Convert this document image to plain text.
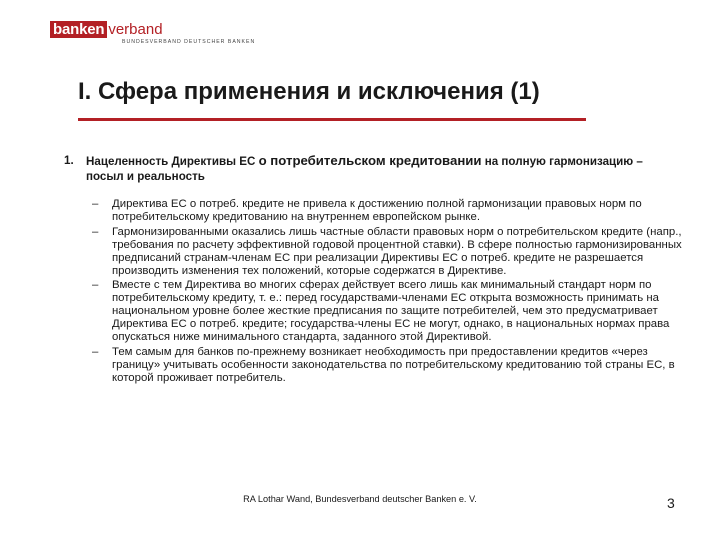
banken verband
BUNDESVERBAND DEUTSCHER BANKEN
I. Сфера применения и исключения (1)
1. Нацеленность Директивы ЕС о потребительском кредитовании на полную гармонизацию – посыл и реальность
– Директива ЕС о потреб. кредите не привела к достижению полной гармонизации правовых норм по потребительскому кредитованию на внутреннем европейском рынке.
– Гармонизированными оказались лишь частные области правовых норм о потребительском кредите (напр., требования по расчету эффективной годовой процентной ставки). В сфере полностью гармонизированных предписаний странам-членам ЕС при реализации Директивы ЕС о потреб. кредите не разрешается производить изменения тех положений, которые содержатся в Директиве.
– Вместе с тем Директива во многих сферах действует всего лишь как минимальный стандарт норм по потребительскому кредиту, т. е.: перед государствами-членами ЕС открыта возможность принимать на национальном уровне более жесткие предписания по защите потребителей, чем это предусматривает Директива ЕС о потреб. кредите; государства-члены ЕС не могут, однако, в национальных нормах права опускаться ниже минимального стандарта, заданного этой Директивой.
– Тем самым для банков по-прежнему возникает необходимость при предоставлении кредитов «через границу» учитывать особенности законодательства по потребительскому кредитованию той страны ЕС, в которой проживает потребитель.
RA Lothar Wand, Bundesverband deutscher Banken e. V.	3
